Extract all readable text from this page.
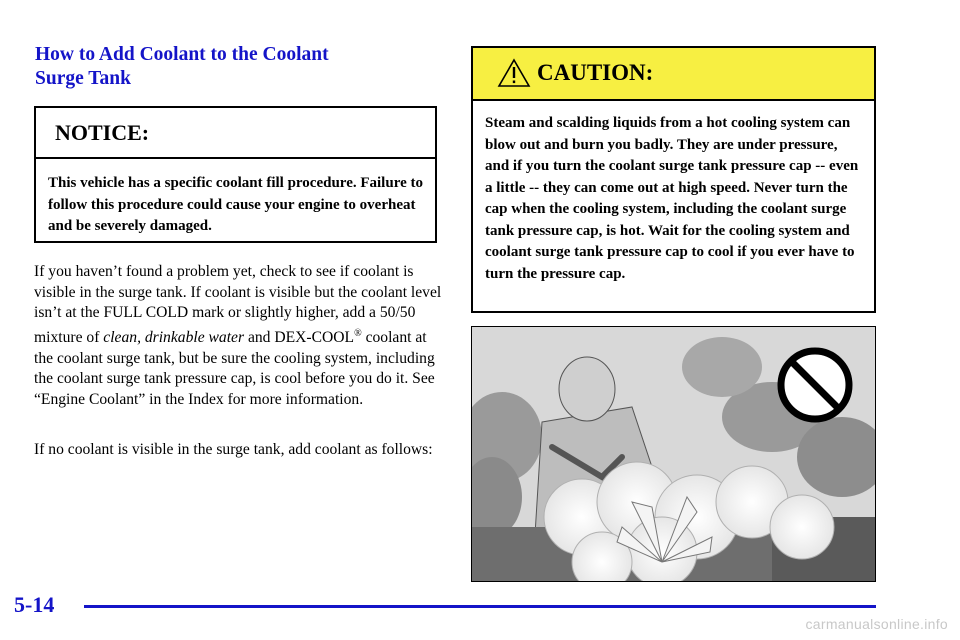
How to Add Coolant to the Coolant
Surge Tank
NOTICE:
This vehicle has a specific coolant fill procedure. Failure to follow this procedure could cause your engine to overheat and be severely damaged.

If you haven’t found a problem yet, check to see if coolant is visible in the surge tank. If coolant is visible but the coolant level isn’t at the FULL COLD mark or slightly higher, add a 50/50 mixture of clean, drinkable water and DEX-COOL® coolant at the coolant surge tank, but be sure the cooling system, including the coolant surge tank pressure cap, is cool before you do it. See “Engine Coolant” in the Index for more information.

If no coolant is visible in the surge tank, add coolant as follows:

CAUTION:
Steam and scalding liquids from a hot cooling system can blow out and burn you badly. They are under pressure, and if you turn the coolant surge tank pressure cap -- even a little -- they can come out at high speed. Never turn the cap when the cooling system, including the coolant surge tank pressure cap, is hot. Wait for the cooling system and coolant surge tank pressure cap to cool if you ever have to turn the pressure cap.
5-14
carmanualsonline.info
